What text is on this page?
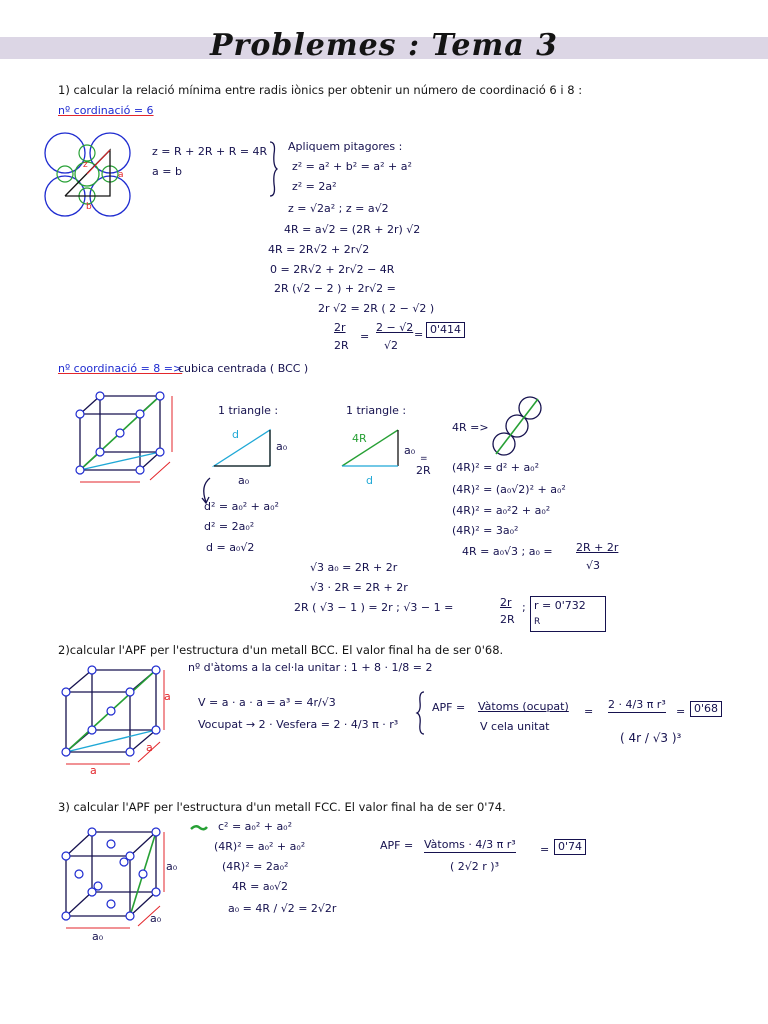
Problemes : Tema 3
1) calcular la relació mínima entre radis iònics per obtenir un número de coordinació 6 i 8 :
nº cordinació = 6
z
a
b
z = R + 2R + R = 4R
a = b
Apliquem pitagores :
z² = a² + b² = a² + a²
z² = 2a²
z = √2a² ; z = a√2
4R = a√2 = (2R + 2r) √2
4R = 2R√2 + 2r√2
0 = 2R√2 + 2r√2 − 4R
2R (√2 − 2 ) + 2r√2 =
2r √2 = 2R ( 2 − √2 )
2r
2R
=
2 − √2
√2
= 0'414
nº coordinació = 8 =>
cubica centrada ( BCC )
1 triangle :
d
a₀
a₀
1 triangle :
4R
a₀
=
2R
d
d² = a₀² + a₀²
d² = 2a₀²
d = a₀√2
4R =>
(4R)² = d² + a₀²
(4R)² = (a₀√2)² + a₀²
(4R)² = a₀²2 + a₀²
(4R)² = 3a₀²
4R = a₀√3 ; a₀ = 2R + 2r
√3
√3 a₀ = 2R + 2r
√3 · 2R = 2R + 2r
2R ( √3 − 1 ) = 2r ; √3 − 1 =	2r
2R
; r = 0'732
R
2)calcular l'APF per l'estructura d'un metall BCC. El valor final ha de ser 0'68.
nº d'àtoms a la cel·la unitar : 1 + 8 · 1/8 = 2
a
a
a
V = a · a · a = a³ = 4r/√3
Vocupat → 2 · Vesfera = 2 · 4/3 π · r³
APF = Vàtoms (ocupat)
V cela unitat
=
2 · 4/3 π r³
( 4r / √3 )³
= 0'68
3) calcular l'APF per l'estructura d'un metall FCC. El valor final ha de ser 0'74.
c² = a₀² + a₀²
(4R)² = a₀² + a₀²
(4R)² = 2a₀²
4R = a₀√2
a₀ = 4R / √2 = 2√2r
a₀
a₀
a₀
APF = Vàtoms · 4/3 π r³
( 2√2 r )³
= 0'74
